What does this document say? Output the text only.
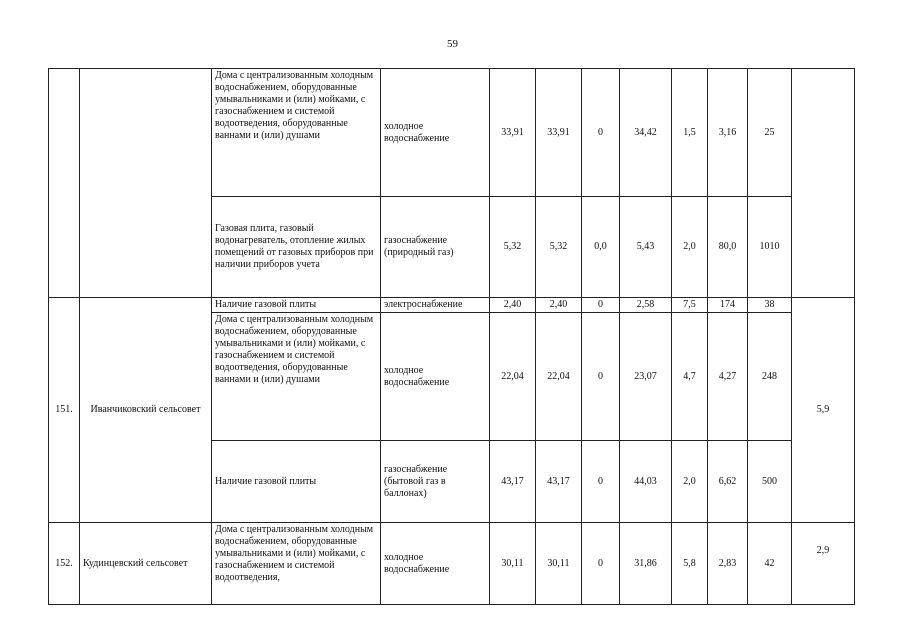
59
		Дома с централизованным холодным водоснабжением, оборудованные умывальниками и (или) мойками, с газоснабжением и системой водоотведения, оборудованные ваннами и (или) душами	холодное водоснабжение	33,91	33,91	0	34,42	1,5	3,16	25	
		Газовая плита, газовый водонагреватель, отопление жилых помещений от газовых приборов при наличии приборов учета	газоснабжение (природный газ)	5,32	5,32	0,0	5,43	2,0	80,0	1010	
151.	Иванчиковский сельсовет	Наличие газовой плиты	электроснабжение	2,40	2,40	0	2,58	7,5	174	38	5,9
		Дома с централизованным холодным водоснабжением, оборудованные умывальниками и (или) мойками, с газоснабжением и системой водоотведения, оборудованные ваннами и (или) душами	холодное водоснабжение	22,04	22,04	0	23,07	4,7	4,27	248	
		Наличие газовой плиты	газоснабжение (бытовой газ в баллонах)	43,17	43,17	0	44,03	2,0	6,62	500	
152.	Кудинцевский сельсовет	Дома с централизованным холодным водоснабжением, оборудованные умывальниками и (или) мойками, с газоснабжением и системой водоотведения,	холодное водоснабжение	30,11	30,11	0	31,86	5,8	2,83	42	2,9
